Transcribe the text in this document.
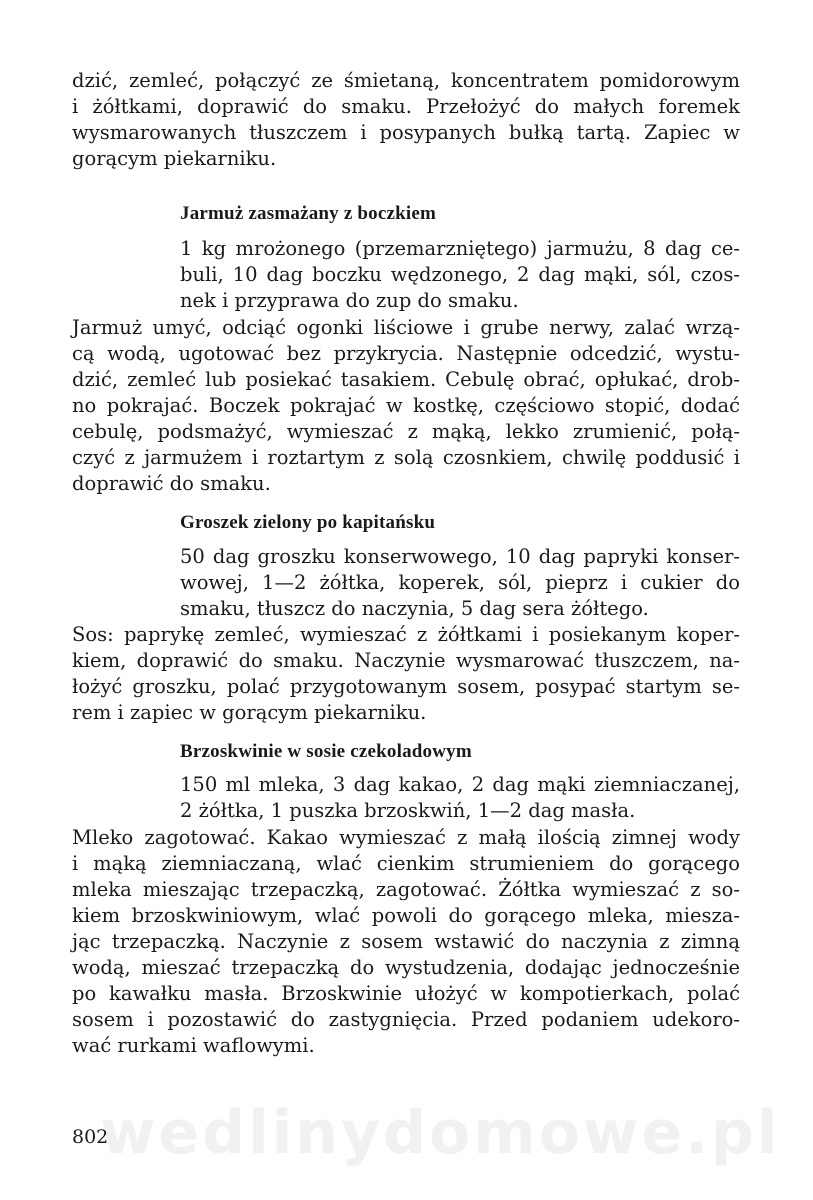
dzić, zemleć, połączyć ze śmietaną, koncentratem pomidorowym
i żółtkami, doprawić do smaku. Przełożyć do małych foremek
wysmarowanych tłuszczem i posypanych bułką tartą. Zapiec w
gorącym piekarniku.

Jarmuż zasmażany z boczkiem

1 kg mrożonego (przemarzniętego) jarmużu, 8 dag ce-
buli, 10 dag boczku wędzonego, 2 dag mąki, sól, czos-
nek i przyprawa do zup do smaku.

Jarmuż umyć, odciąć ogonki liściowe i grube nerwy, zalać wrzą-
cą wodą, ugotować bez przykrycia. Następnie odcedzić, wystu-
dzić, zemleć lub posiekać tasakiem. Cebulę obrać, opłukać, drob-
no pokrajać. Boczek pokrajać w kostkę, częściowo stopić, dodać
cebulę, podsmażyć, wymieszać z mąką, lekko zrumienić, połą-
czyć z jarmużem i roztartym z solą czosnkiem, chwilę poddusić i
doprawić do smaku.

Groszek zielony po kapitańsku

50 dag groszku konserwowego, 10 dag papryki konser-
wowej, 1—2 żółtka, koperek, sól, pieprz i cukier do
smaku, tłuszcz do naczynia, 5 dag sera żółtego.

Sos: paprykę zemleć, wymieszać z żółtkami i posiekanym koper-
kiem, doprawić do smaku. Naczynie wysmarować tłuszczem, na-
łożyć groszku, polać przygotowanym sosem, posypać startym se-
rem i zapiec w gorącym piekarniku.

Brzoskwinie w sosie czekoladowym

150 ml mleka, 3 dag kakao, 2 dag mąki ziemniaczanej,
2 żółtka, 1 puszka brzoskwiń, 1—2 dag masła.

Mleko zagotować. Kakao wymieszać z małą ilością zimnej wody
i mąką ziemniaczaną, wlać cienkim strumieniem do gorącego
mleka mieszając trzepaczką, zagotować. Żółtka wymieszać z so-
kiem brzoskwiniowym, wlać powoli do gorącego mleka, miesza-
jąc trzepaczką. Naczynie z sosem wstawić do naczynia z zimną
wodą, mieszać trzepaczką do wystudzenia, dodając jednocześnie
po kawałku masła. Brzoskwinie ułożyć w kompotierkach, polać
sosem i pozostawić do zastygnięcia. Przed podaniem udekoro-
wać rurkami waflowymi.

wedlinydomowe.pl

802
